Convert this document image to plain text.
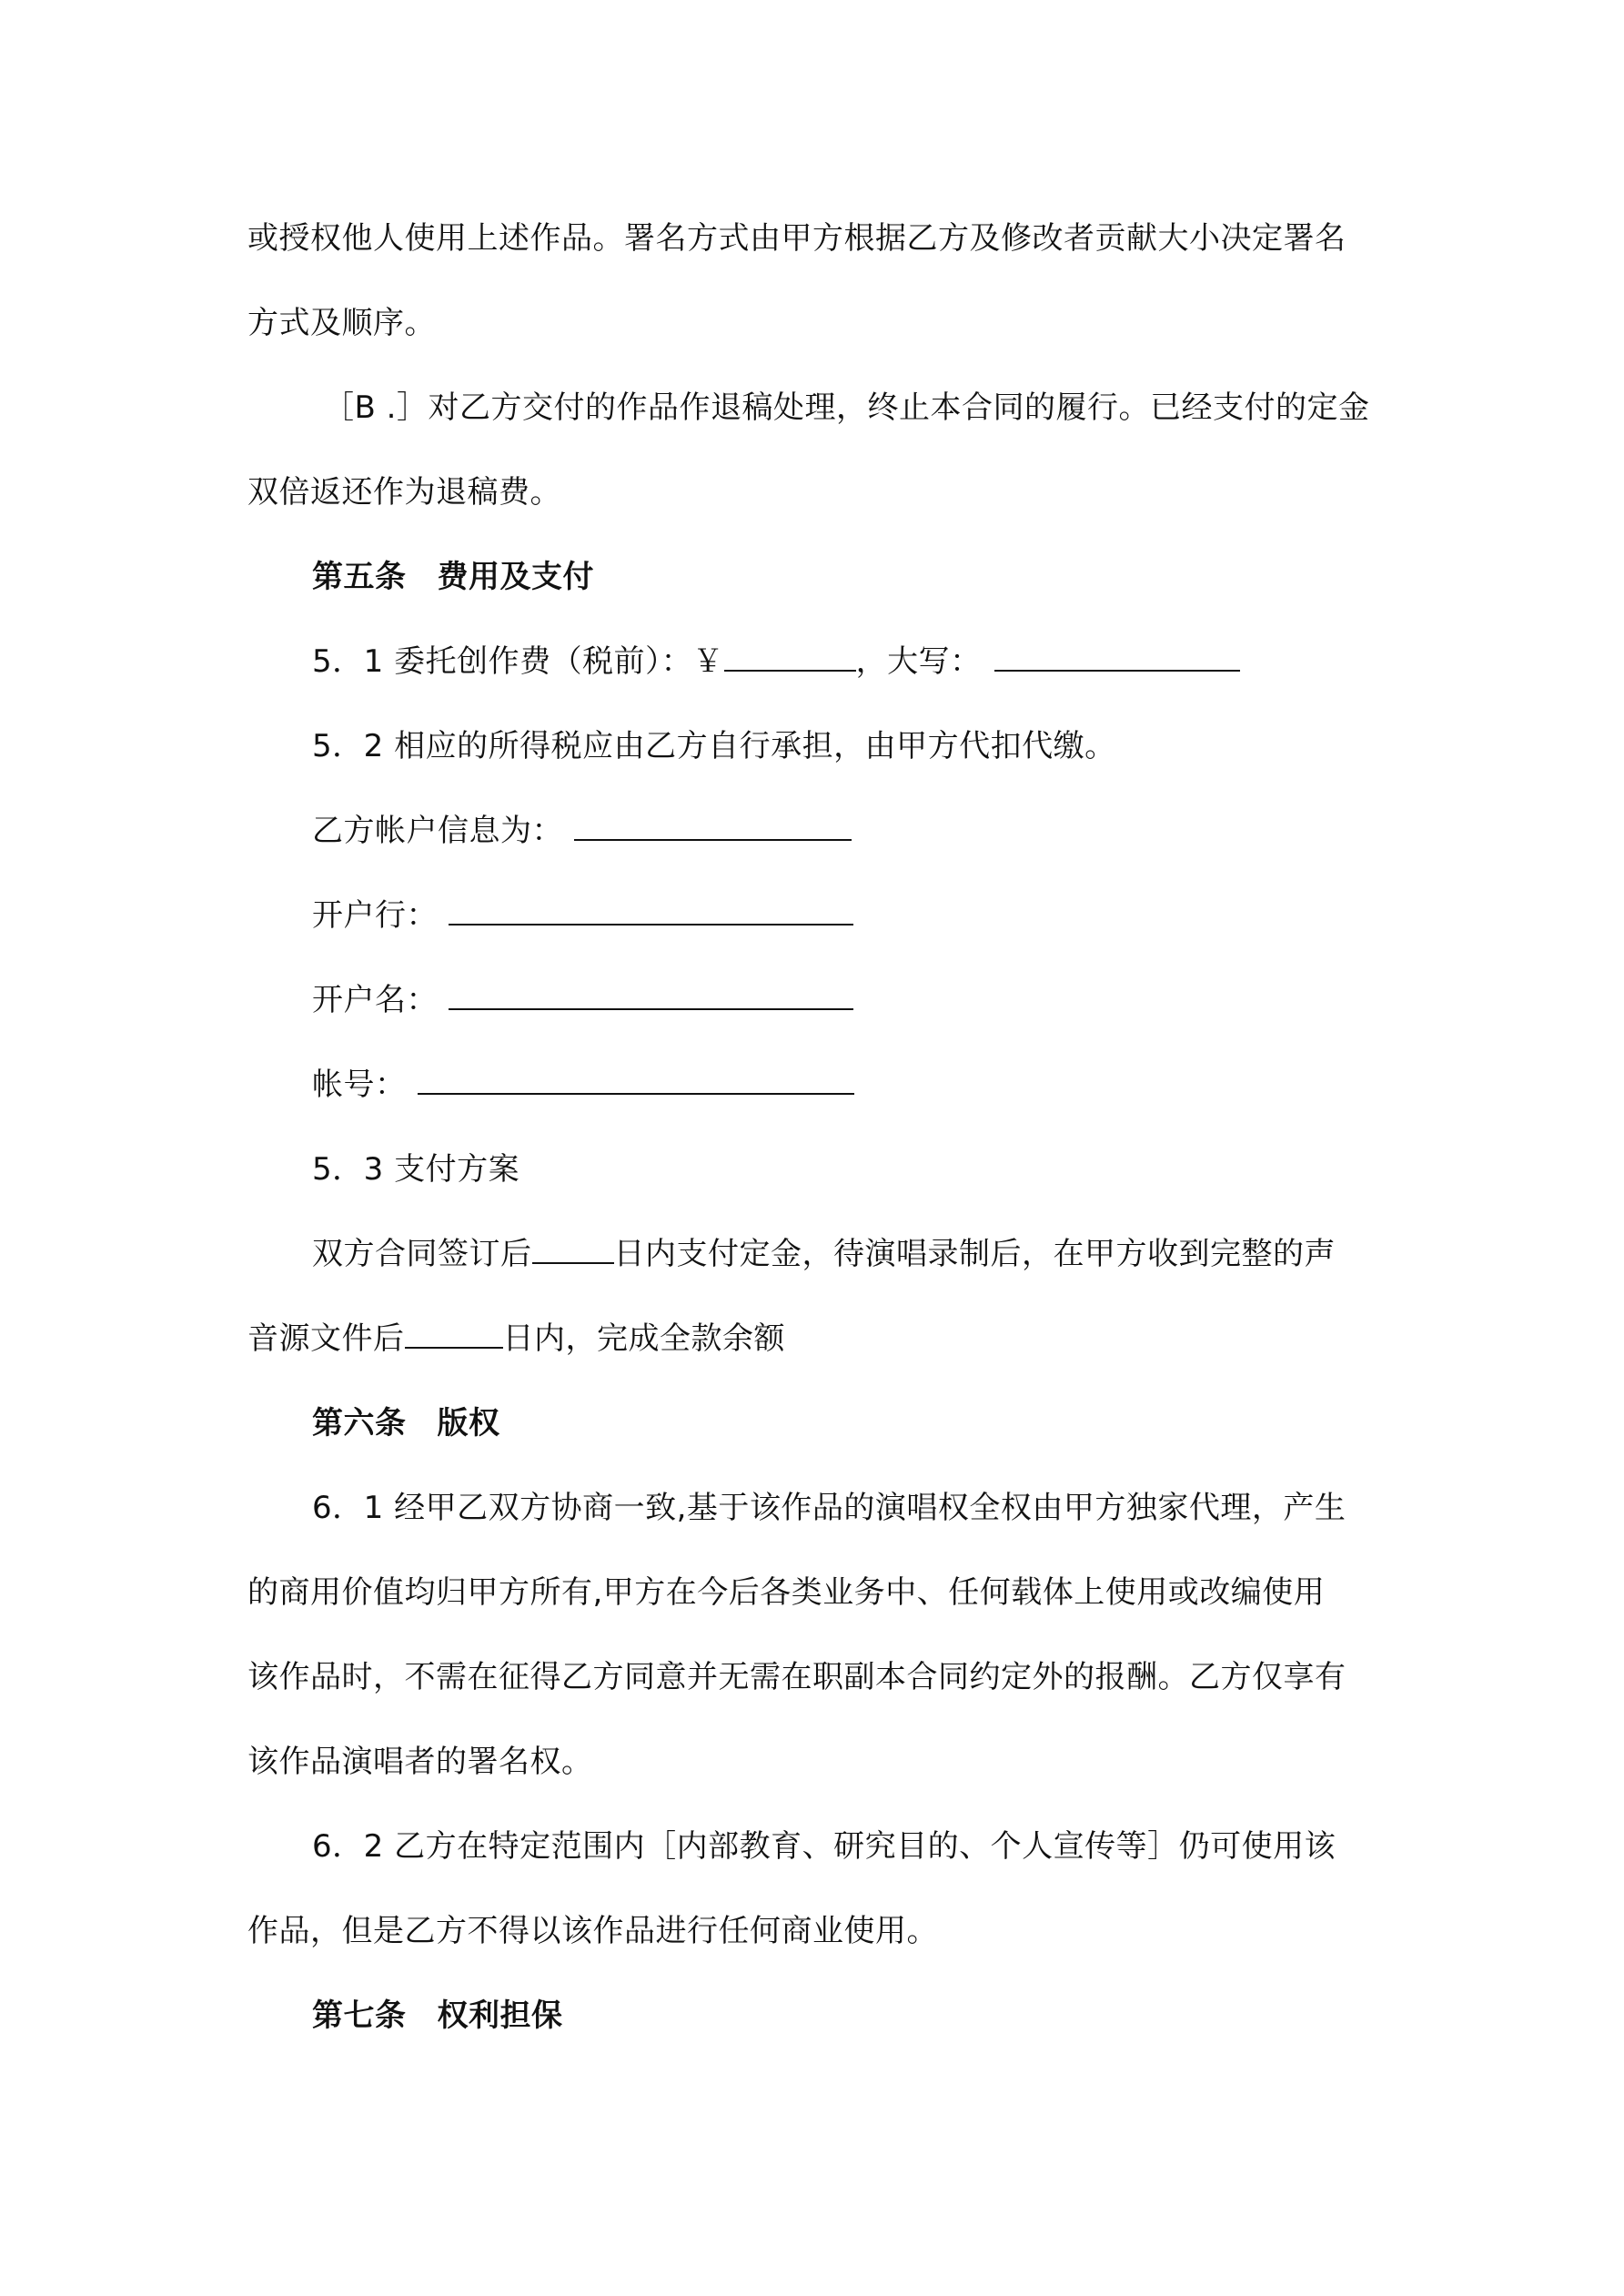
或授权他人使用上述作品。署名方式由甲方根据乙方及修改者贡献大小决定署名
方式及顺序。
［B .］对乙方交付的作品作退稿处理，终止本合同的履行。已经支付的定金
双倍返还作为退稿费。
第五条 费用及支付
5．1 委托创作费（税前）：￥	，大写：
5．2 相应的所得税应由乙方自行承担，由甲方代扣代缴。
乙方帐户信息为：
开户行：
开户名：
帐号：
5．3 支付方案
双方合同签订后	日内支付定金，待演唱录制后，在甲方收到完整的声
音源文件后	日内，完成全款余额
第六条 版权
6．1 经甲乙双方协商一致,基于该作品的演唱权全权由甲方独家代理，产生
的商用价值均归甲方所有,甲方在今后各类业务中、任何载体上使用或改编使用
该作品时，不需在征得乙方同意并无需在职副本合同约定外的报酬。乙方仅享有
该作品演唱者的署名权。
6．2 乙方在特定范围内［内部教育、研究目的、个人宣传等］仍可使用该
作品，但是乙方不得以该作品进行任何商业使用。
第七条 权利担保
